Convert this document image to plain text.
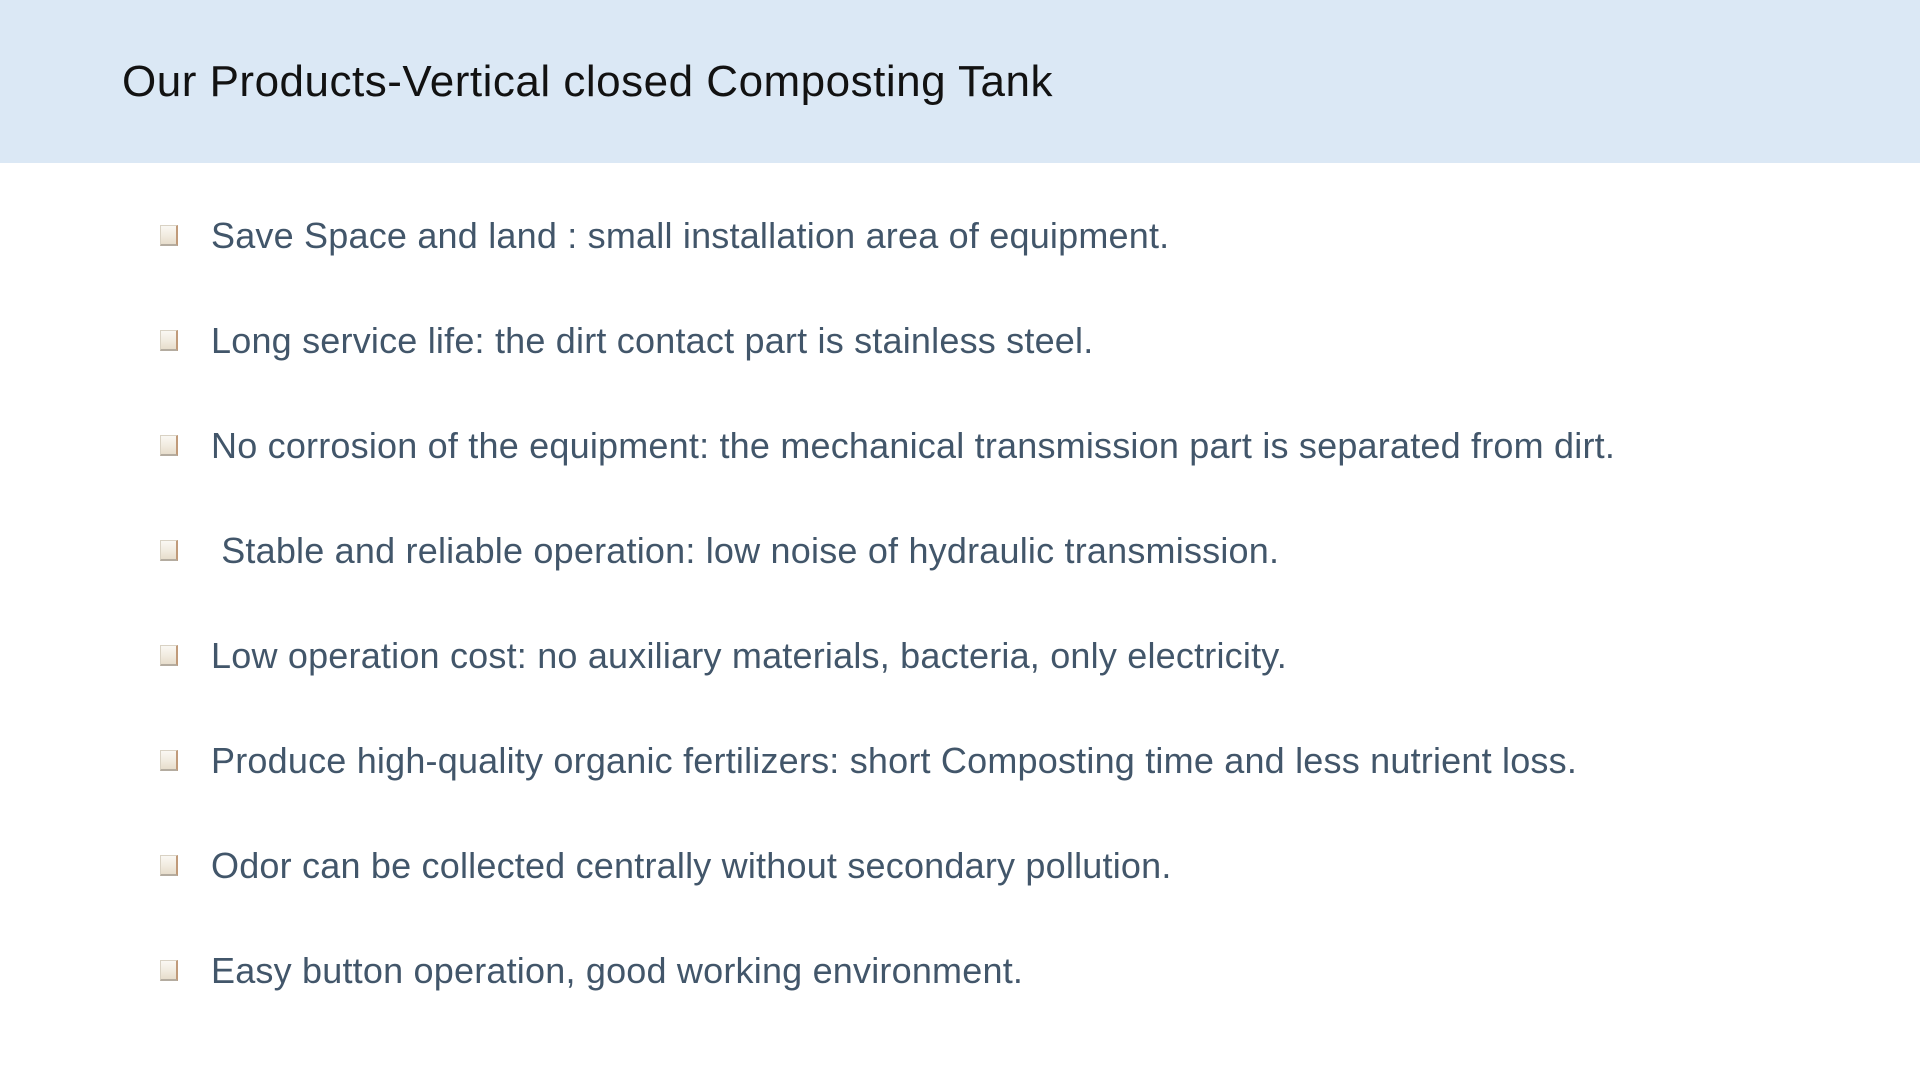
Our Products-Vertical closed Composting Tank
Save Space and land : small installation area of equipment.
Long service life: the dirt contact part is stainless steel.
No corrosion of the equipment: the mechanical transmission part is separated from dirt.
Stable and reliable operation: low noise of hydraulic transmission.
Low operation cost: no auxiliary materials, bacteria, only electricity.
Produce high-quality organic fertilizers: short Composting time and less nutrient loss.
Odor can be collected centrally without secondary pollution.
Easy button operation, good working environment.
